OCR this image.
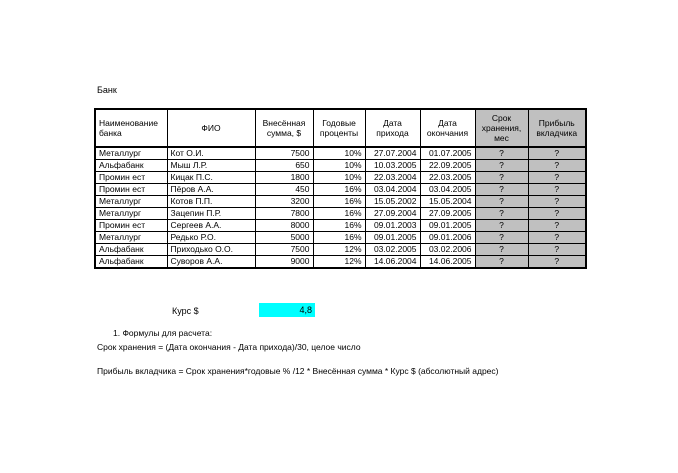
Банк
Наименование банка	ФИО	Внесённая сумма, $	Годовые проценты	Дата прихода	Дата окончания	Срок хранения, мес	Прибыль вкладчика
Металлург	Кот О.И.	7500	10%	27.07.2004	01.07.2005	?	?
Альфабанк	Мыш Л.Р.	650	10%	10.03.2005	22.09.2005	?	?
Промин ест	Кицак П.С.	1800	10%	22.03.2004	22.03.2005	?	?
Промин ест	Пёров А.А.	450	16%	03.04.2004	03.04.2005	?	?
Металлург	Котов П.П.	3200	16%	15.05.2002	15.05.2004	?	?
Металлург	Зацепин П.Р.	7800	16%	27.09.2004	27.09.2005	?	?
Промин ест	Сергеев А.А.	8000	16%	09.01.2003	09.01.2005	?	?
Металлург	Редько Р.О.	5000	16%	09.01.2005	09.01.2006	?	?
Альфабанк	Приходько О.О.	7500	12%	03.02.2005	03.02.2006	?	?
Альфабанк	Суворов А.А.	9000	12%	14.06.2004	14.06.2005	?	?
Курс $	4,8
1. Формулы для расчета:
Срок хранения = (Дата окончания - Дата прихода)/30, целое число
Прибыль вкладчика = Срок хранения*годовые % /12 * Внесённая сумма * Курс $ (абсолютный адрес)
